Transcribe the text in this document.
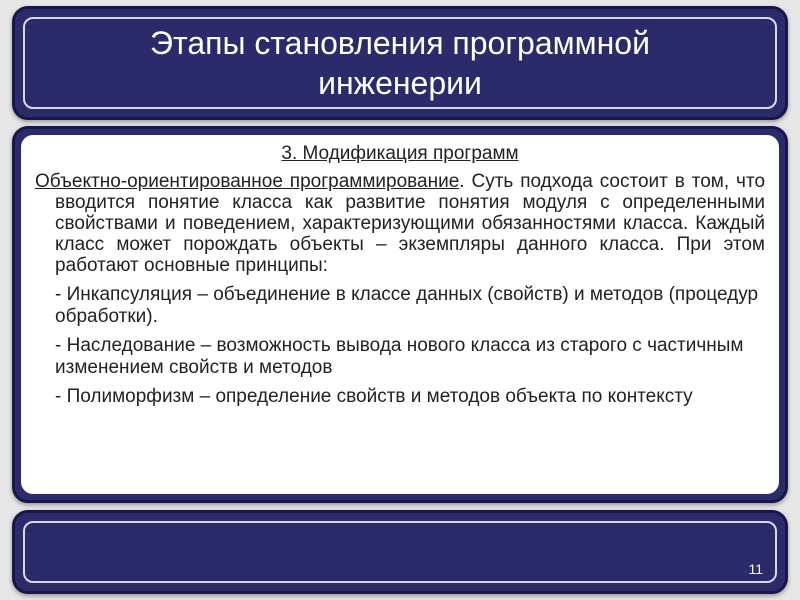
Этапы становления программной инженерии
3. Модификация программ

Объектно-ориентированное программирование. Суть подхода состоит в том, что вводится понятие класса как развитие понятия модуля с определенными свойствами и поведением, характеризующими обязанностями класса. Каждый класс может порождать объекты – экземпляры данного класса. При этом работают основные принципы:

- Инкапсуляция – объединение в классе данных (свойств) и методов (процедур обработки).

- Наследование – возможность вывода нового класса из старого с частичным изменением свойств и методов

- Полиморфизм – определение свойств и методов объекта по контексту

11
